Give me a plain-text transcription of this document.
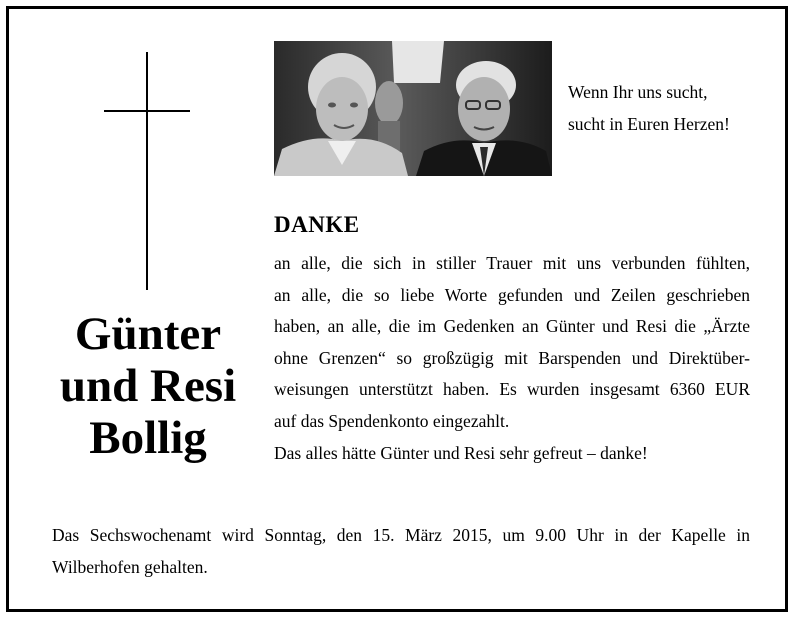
Günter
und Resi
Bollig
Wenn Ihr uns sucht,
sucht in Euren Herzen!
DANKE
an alle, die sich in stiller Trauer mit uns verbunden fühlten,
an alle, die so liebe Worte gefunden und Zeilen geschrieben
haben, an alle, die im Gedenken an Günter und Resi die „Ärzte
ohne Grenzen“ so großzügig mit Barspenden und Direktüber-
weisungen unterstützt haben. Es wurden insgesamt 6360 EUR
auf das Spendenkonto eingezahlt.
Das alles hätte Günter und Resi sehr gefreut – danke!
Das Sechswochenamt wird Sonntag, den 15. März 2015, um 9.00 Uhr in der Kapelle in
Wilberhofen gehalten.
